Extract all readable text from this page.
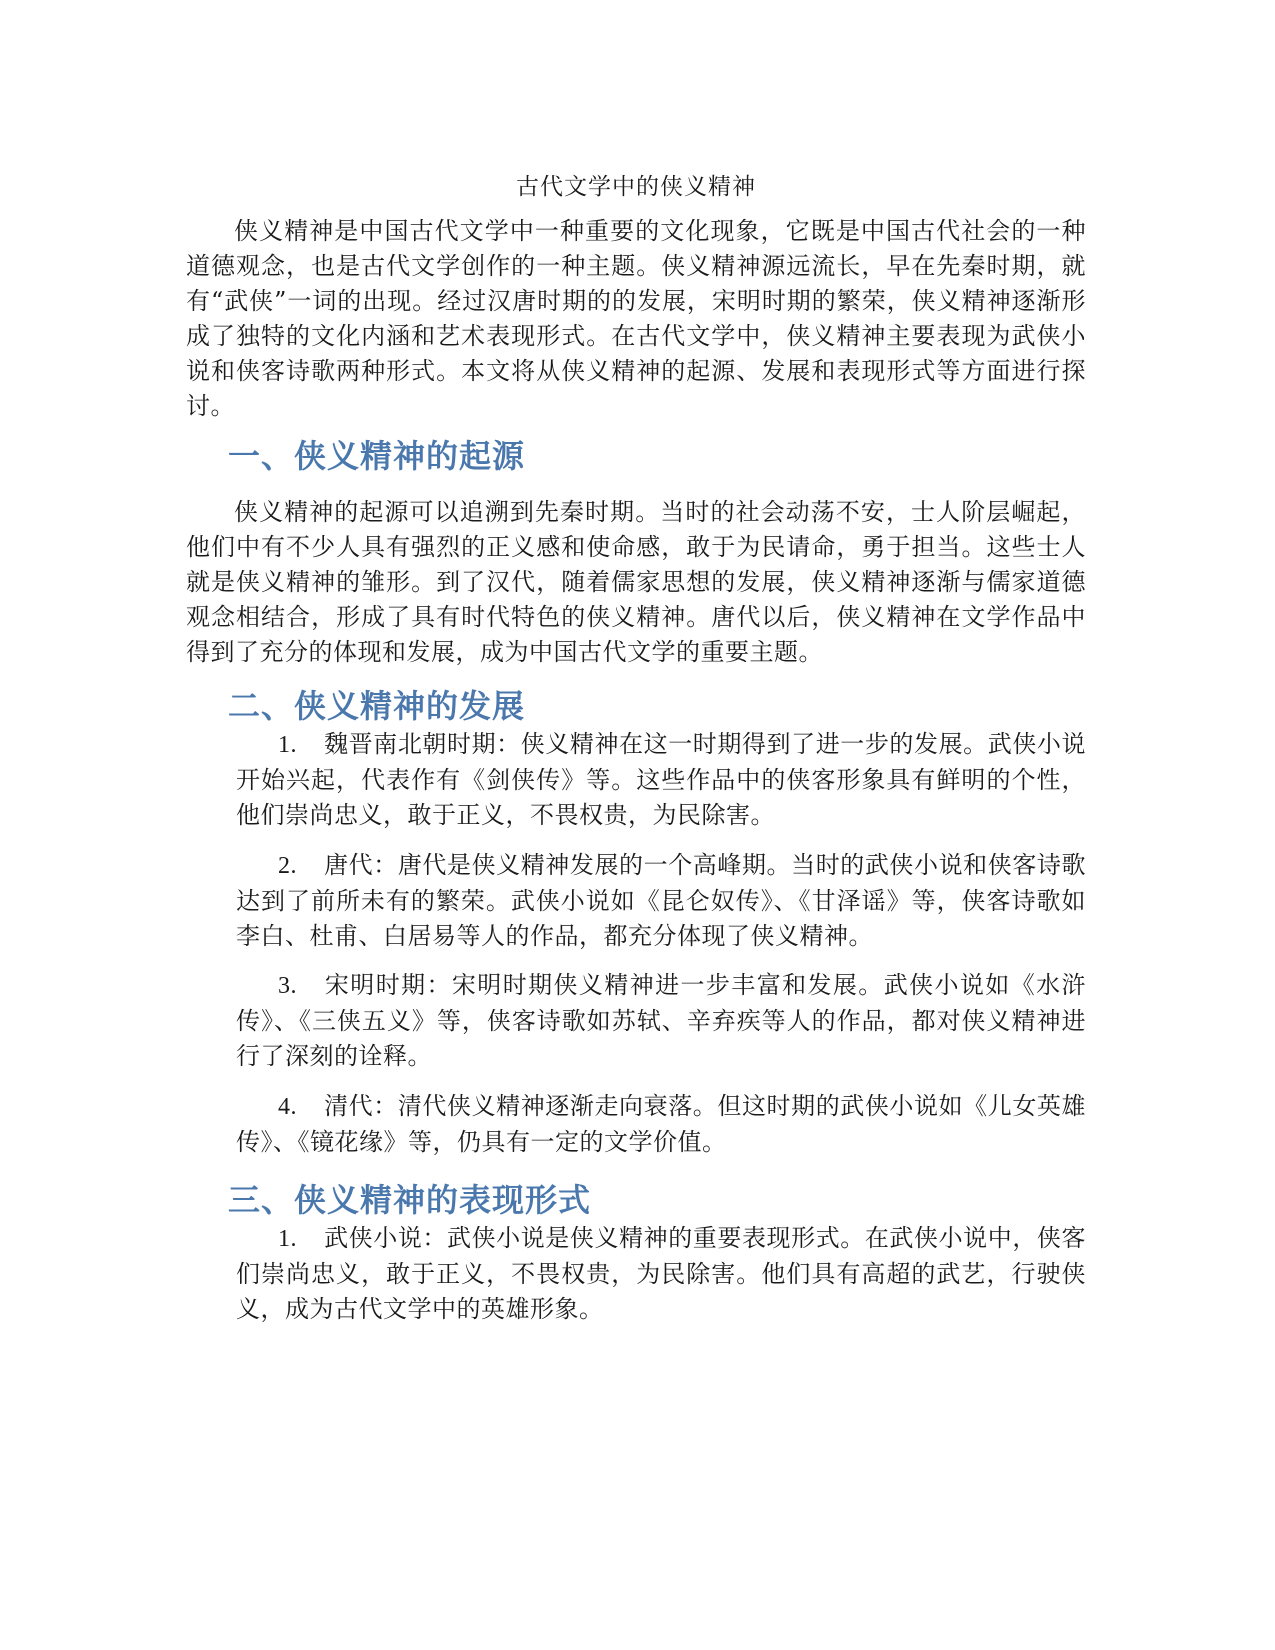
古代文学中的侠义精神
侠义精神是中国古代文学中一种重要的文化现象，它既是中国古代社会的一种道德观念，也是古代文学创作的一种主题。侠义精神源远流长，早在先秦时期，就有“武侠”一词的出现。经过汉唐时期的的发展，宋明时期的繁荣，侠义精神逐渐形成了独特的文化内涵和艺术表现形式。在古代文学中，侠义精神主要表现为武侠小说和侠客诗歌两种形式。本文将从侠义精神的起源、发展和表现形式等方面进行探讨。
一、侠义精神的起源
侠义精神的起源可以追溯到先秦时期。当时的社会动荡不安，士人阶层崛起，他们中有不少人具有强烈的正义感和使命感，敢于为民请命，勇于担当。这些士人就是侠义精神的雏形。到了汉代，随着儒家思想的发展，侠义精神逐渐与儒家道德观念相结合，形成了具有时代特色的侠义精神。唐代以后，侠义精神在文学作品中得到了充分的体现和发展，成为中国古代文学的重要主题。
二、侠义精神的发展
1. 魏晋南北朝时期：侠义精神在这一时期得到了进一步的发展。武侠小说开始兴起，代表作有《剑侠传》等。这些作品中的侠客形象具有鲜明的个性，他们崇尚忠义，敢于正义，不畏权贵，为民除害。
2. 唐代：唐代是侠义精神发展的一个高峰期。当时的武侠小说和侠客诗歌达到了前所未有的繁荣。武侠小说如《昆仑奴传》、《甘泽谣》等，侠客诗歌如李白、杜甫、白居易等人的作品，都充分体现了侠义精神。
3. 宋明时期：宋明时期侠义精神进一步丰富和发展。武侠小说如《水浒传》、《三侠五义》等，侠客诗歌如苏轼、辛弃疾等人的作品，都对侠义精神进行了深刻的诠释。
4. 清代：清代侠义精神逐渐走向衰落。但这时期的武侠小说如《儿女英雄传》、《镜花缘》等，仍具有一定的文学价值。
三、侠义精神的表现形式
1. 武侠小说：武侠小说是侠义精神的重要表现形式。在武侠小说中，侠客们崇尚忠义，敢于正义，不畏权贵，为民除害。他们具有高超的武艺，行驶侠义，成为古代文学中的英雄形象。
